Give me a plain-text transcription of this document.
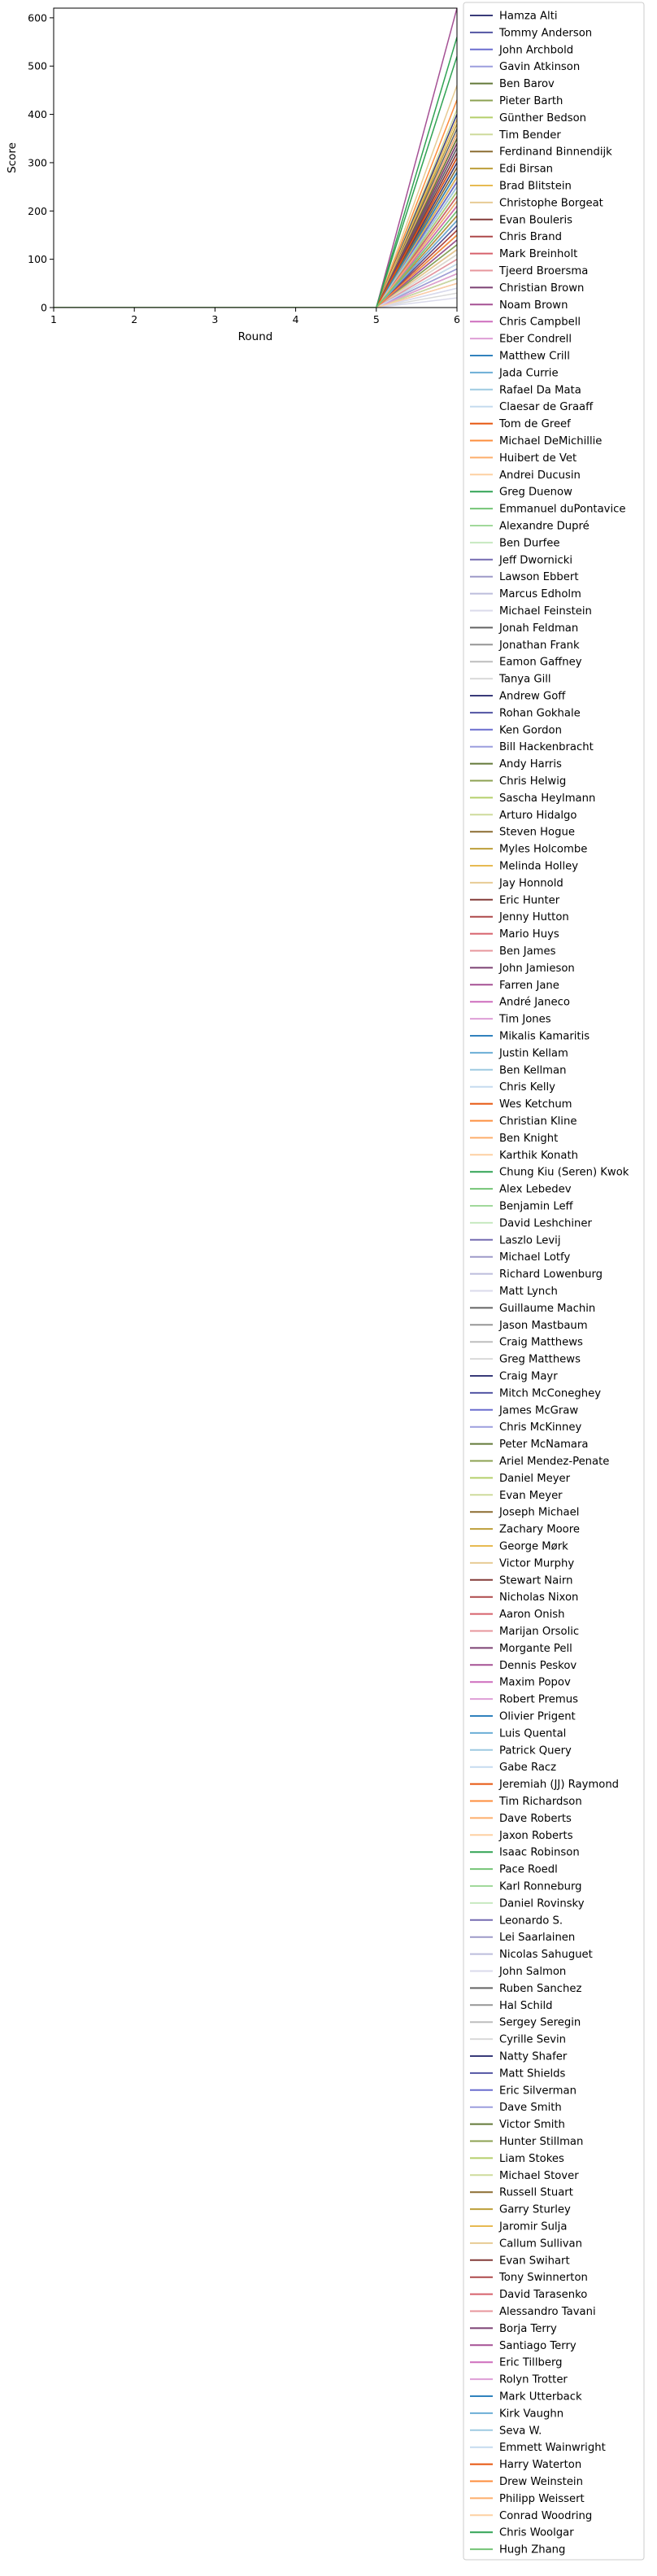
1	2	3	4	5	6
0
100
200
300
400
500
600
Round
Score
Hamza Alti
Tommy Anderson
John Archbold
Gavin Atkinson
Ben Barov
Pieter Barth
Günther Bedson
Tim Bender
Ferdinand Binnendijk
Edi Birsan
Brad Blitstein
Christophe Borgeat
Evan Bouleris
Chris Brand
Mark Breinholt
Tjeerd Broersma
Christian Brown
Noam Brown
Chris Campbell
Eber Condrell
Matthew Crill
Jada Currie
Rafael Da Mata
Claesar de Graaff
Tom de Greef
Michael DeMichillie
Huibert de Vet
Andrei Ducusin
Greg Duenow
Emmanuel duPontavice
Alexandre Dupré
Ben Durfee
Jeff Dwornicki
Lawson Ebbert
Marcus Edholm
Michael Feinstein
Jonah Feldman
Jonathan Frank
Eamon Gaffney
Tanya Gill
Andrew Goff
Rohan Gokhale
Ken Gordon
Bill Hackenbracht
Andy Harris
Chris Helwig
Sascha Heylmann
Arturo Hidalgo
Steven Hogue
Myles Holcombe
Melinda Holley
Jay Honnold
Eric Hunter
Jenny Hutton
Mario Huys
Ben James
John Jamieson
Farren Jane
André Janeco
Tim Jones
Mikalis Kamaritis
Justin Kellam
Ben Kellman
Chris Kelly
Wes Ketchum
Christian Kline
Ben Knight
Karthik Konath
Chung Kiu (Seren) Kwok
Alex Lebedev
Benjamin Leff
David Leshchiner
Laszlo Levij
Michael Lotfy
Richard Lowenburg
Matt Lynch
Guillaume Machin
Jason Mastbaum
Craig Matthews
Greg Matthews
Craig Mayr
Mitch McConeghey
James McGraw
Chris McKinney
Peter McNamara
Ariel Mendez-Penate
Daniel Meyer
Evan Meyer
Joseph Michael
Zachary Moore
George Mørk
Victor Murphy
Stewart Nairn
Nicholas Nixon
Aaron Onish
Marijan Orsolic
Morgante Pell
Dennis Peskov
Maxim Popov
Robert Premus
Olivier Prigent
Luis Quental
Patrick Query
Gabe Racz
Jeremiah (JJ) Raymond
Tim Richardson
Dave Roberts
Jaxon Roberts
Isaac Robinson
Pace Roedl
Karl Ronneburg
Daniel Rovinsky
Leonardo S.
Lei Saarlainen
Nicolas Sahuguet
John Salmon
Ruben Sanchez
Hal Schild
Sergey Seregin
Cyrille Sevin
Natty Shafer
Matt Shields
Eric Silverman
Dave Smith
Victor Smith
Hunter Stillman
Liam Stokes
Michael Stover
Russell Stuart
Garry Sturley
Jaromir Sulja
Callum Sullivan
Evan Swihart
Tony Swinnerton
David Tarasenko
Alessandro Tavani
Borja Terry
Santiago Terry
Eric Tillberg
Rolyn Trotter
Mark Utterback
Kirk Vaughn
Seva W.
Emmett Wainwright
Harry Waterton
Drew Weinstein
Philipp Weissert
Conrad Woodring
Chris Woolgar
Hugh Zhang
